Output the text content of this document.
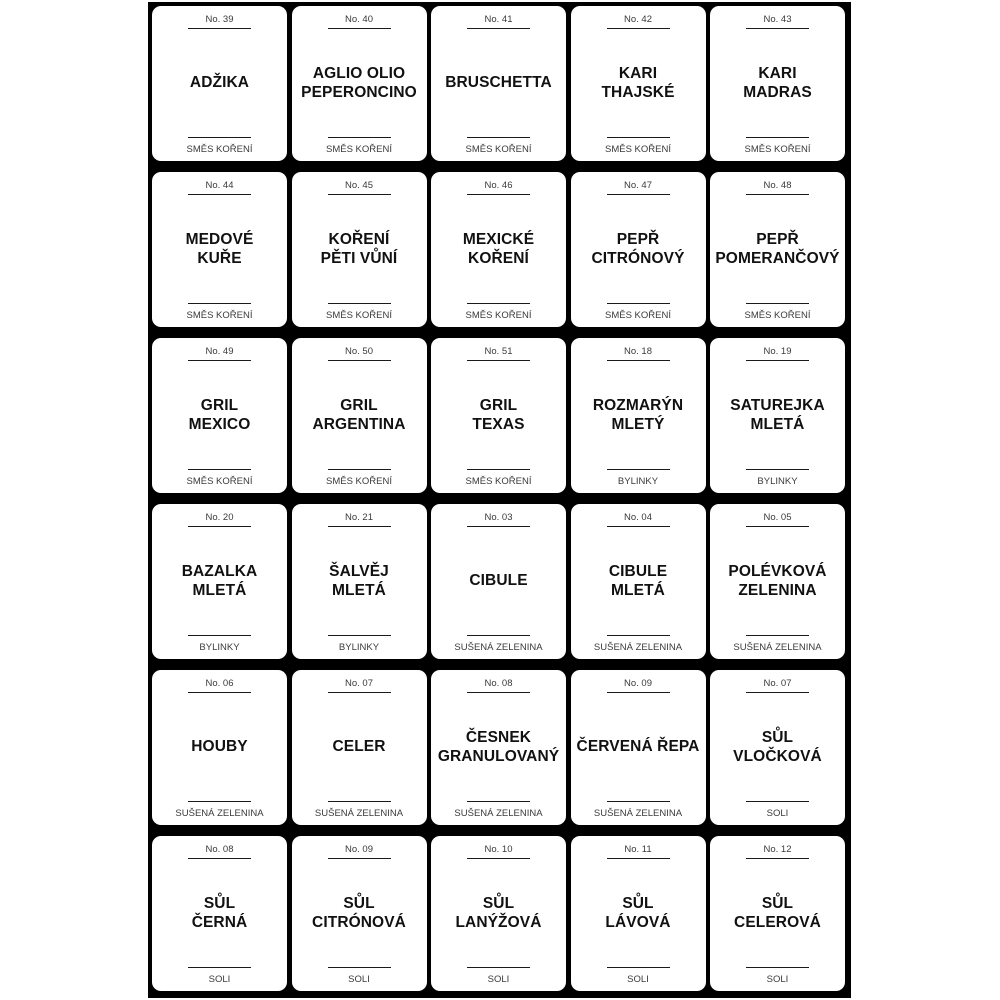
No. 39
ADŽIKA
SMĚS KOŘENÍ
No. 40
AGLIO OLIO
PEPERONCINO
SMĚS KOŘENÍ
No. 41
BRUSCHETTA
SMĚS KOŘENÍ
No. 42
KARI
THAJSKÉ
SMĚS KOŘENÍ
No. 43
KARI
MADRAS
SMĚS KOŘENÍ
No. 44
MEDOVÉ
KUŘE
SMĚS KOŘENÍ
No. 45
KOŘENÍ
PĚTI VŮNÍ
SMĚS KOŘENÍ
No. 46
MEXICKÉ
KOŘENÍ
SMĚS KOŘENÍ
No. 47
PEPŘ
CITRÓNOVÝ
SMĚS KOŘENÍ
No. 48
PEPŘ
POMERANČOVÝ
SMĚS KOŘENÍ
No. 49
GRIL
MEXICO
SMĚS KOŘENÍ
No. 50
GRIL
ARGENTINA
SMĚS KOŘENÍ
No. 51
GRIL
TEXAS
SMĚS KOŘENÍ
No. 18
ROZMARÝN
MLETÝ
BYLINKY
No. 19
SATUREJKA
MLETÁ
BYLINKY
No. 20
BAZALKA
MLETÁ
BYLINKY
No. 21
ŠALVĚJ
MLETÁ
BYLINKY
No. 03
CIBULE
SUŠENÁ ZELENINA
No. 04
CIBULE
MLETÁ
SUŠENÁ ZELENINA
No. 05
POLÉVKOVÁ
ZELENINA
SUŠENÁ ZELENINA
No. 06
HOUBY
SUŠENÁ ZELENINA
No. 07
CELER
SUŠENÁ ZELENINA
No. 08
ČESNEK
GRANULOVANÝ
SUŠENÁ ZELENINA
No. 09
ČERVENÁ ŘEPA
SUŠENÁ ZELENINA
No. 07
SŮL
VLOČKOVÁ
SOLI
No. 08
SŮL
ČERNÁ
SOLI
No. 09
SŮL
CITRÓNOVÁ
SOLI
No. 10
SŮL
LANÝŽOVÁ
SOLI
No. 11
SŮL
LÁVOVÁ
SOLI
No. 12
SŮL
CELEROVÁ
SOLI
